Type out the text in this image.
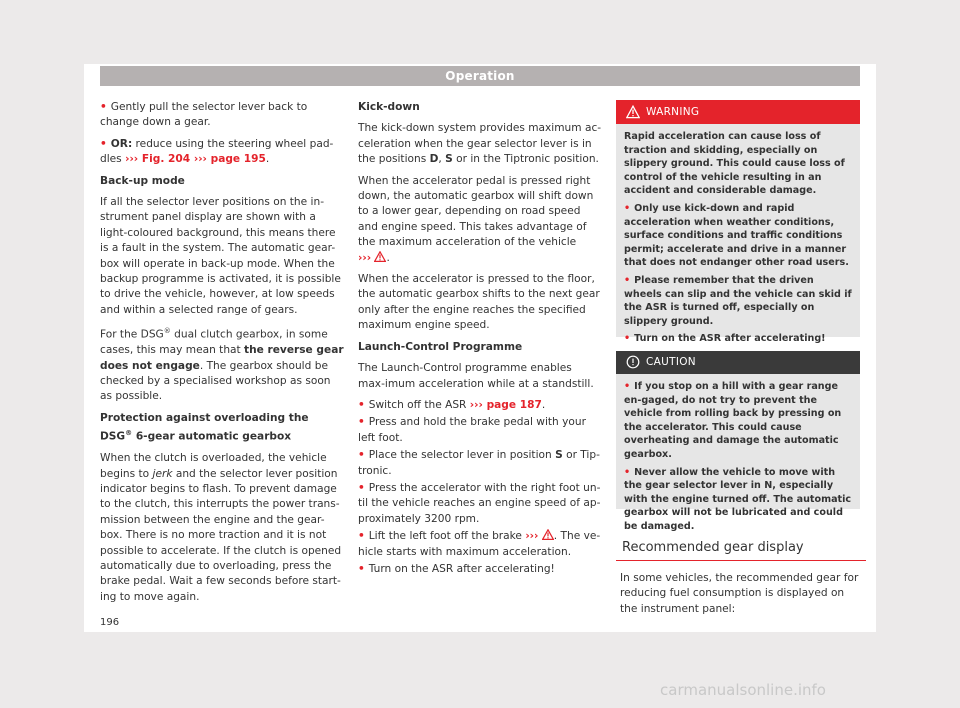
Operation

• Gently pull the selector lever back to change down a gear.

• OR: reduce using the steering wheel pad-dles ››› Fig. 204 ››› page 195.

Back-up mode

If all the selector lever positions on the in-strument panel display are shown with a light-coloured background, this means there is a fault in the system. The automatic gear-box will operate in back-up mode. When the backup programme is activated, it is possible to drive the vehicle, however, at low speeds and within a selected range of gears.

For the DSG® dual clutch gearbox, in some cases, this may mean that the reverse gear does not engage. The gearbox should be checked by a specialised workshop as soon as possible.

Protection against overloading the DSG® 6-gear automatic gearbox

When the clutch is overloaded, the vehicle begins to jerk and the selector lever position indicator begins to flash. To prevent damage to the clutch, this interrupts the power trans-mission between the engine and the gear-box. There is no more traction and it is not possible to accelerate. If the clutch is opened automatically due to overloading, press the brake pedal. Wait a few seconds before start-ing to move again.

Kick-down

The kick-down system provides maximum ac-celeration when the gear selector lever is in the positions D, S or in the Tiptronic position.

When the accelerator pedal is pressed right down, the automatic gearbox will shift down to a lower gear, depending on road speed and engine speed. This takes advantage of the maximum acceleration of the vehicle
››› .

When the accelerator is pressed to the floor, the automatic gearbox shifts to the next gear only after the engine reaches the specified maximum engine speed.

Launch-Control Programme

The Launch-Control programme enables max-imum acceleration while at a standstill.

• Switch off the ASR ››› page 187.

• Press and hold the brake pedal with your left foot.

• Place the selector lever in position S or Tip-tronic.

• Press the accelerator with the right foot un-til the vehicle reaches an engine speed of ap-proximately 3200 rpm.

• Lift the left foot off the brake ››› . The ve-hicle starts with maximum acceleration.

• Turn on the ASR after accelerating!

WARNING

Rapid acceleration can cause loss of traction and skidding, especially on slippery ground. This could cause loss of control of the vehicle resulting in an accident and considerable damage.

• Only use kick-down and rapid acceleration when weather conditions, surface conditions and traffic conditions permit; accelerate and drive in a manner that does not endanger other road users.

• Please remember that the driven wheels can slip and the vehicle can skid if the ASR is turned off, especially on slippery ground.

• Turn on the ASR after accelerating!

CAUTION

• If you stop on a hill with a gear range en-gaged, do not try to prevent the vehicle from rolling back by pressing on the accelerator. This could cause overheating and damage the automatic gearbox.

• Never allow the vehicle to move with the gear selector lever in N, especially with the engine turned off. The automatic gearbox will not be lubricated and could be damaged.

Recommended gear display
In some vehicles, the recommended gear for reducing fuel consumption is displayed on the instrument panel:
196
carmanualsonline.info
